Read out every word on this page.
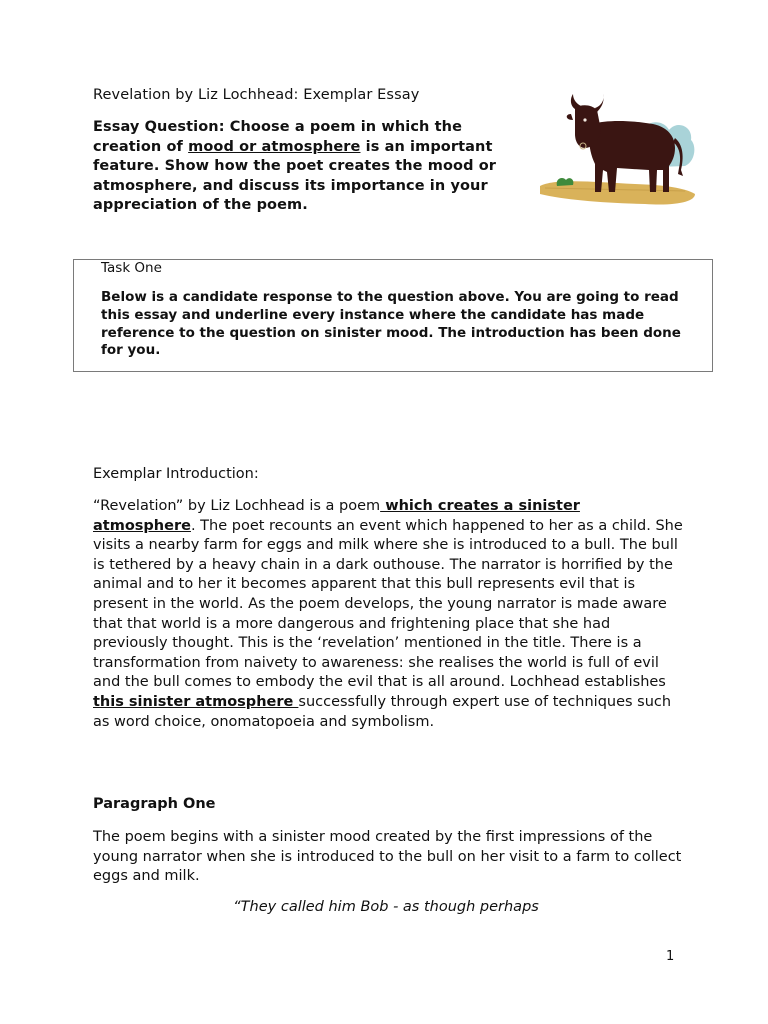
Revelation by Liz Lochhead: Exemplar Essay
Essay Question: Choose a poem in which the creation of mood or atmosphere is an important feature. Show how the poet creates the mood or atmosphere, and discuss its importance in your appreciation of the poem.
Task One
Below is a candidate response to the question above. You are going to read this essay and underline every instance where the candidate has made reference to the question on sinister mood. The introduction has been done for you.
Exemplar Introduction:
“Revelation” by Liz Lochhead is a poem which creates a sinister atmosphere. The poet recounts an event which happened to her as a child. She visits a nearby farm for eggs and milk where she is introduced to a bull. The bull is tethered by a heavy chain in a dark outhouse. The narrator is horrified by the animal and to her it becomes apparent that this bull represents evil that is present in the world. As the poem develops, the young narrator is made aware that that world is a more dangerous and frightening place that she had previously thought. This is the ‘revelation’ mentioned in the title. There is a transformation from naivety to awareness: she realises the world is full of evil and the bull comes to embody the evil that is all around. Lochhead establishes this sinister atmosphere successfully through expert use of techniques such as word choice, onomatopoeia and symbolism.
Paragraph One
The poem begins with a sinister mood created by the first impressions of the young narrator when she is introduced to the bull on her visit to a farm to collect eggs and milk.
“They called him Bob - as though perhaps
1
